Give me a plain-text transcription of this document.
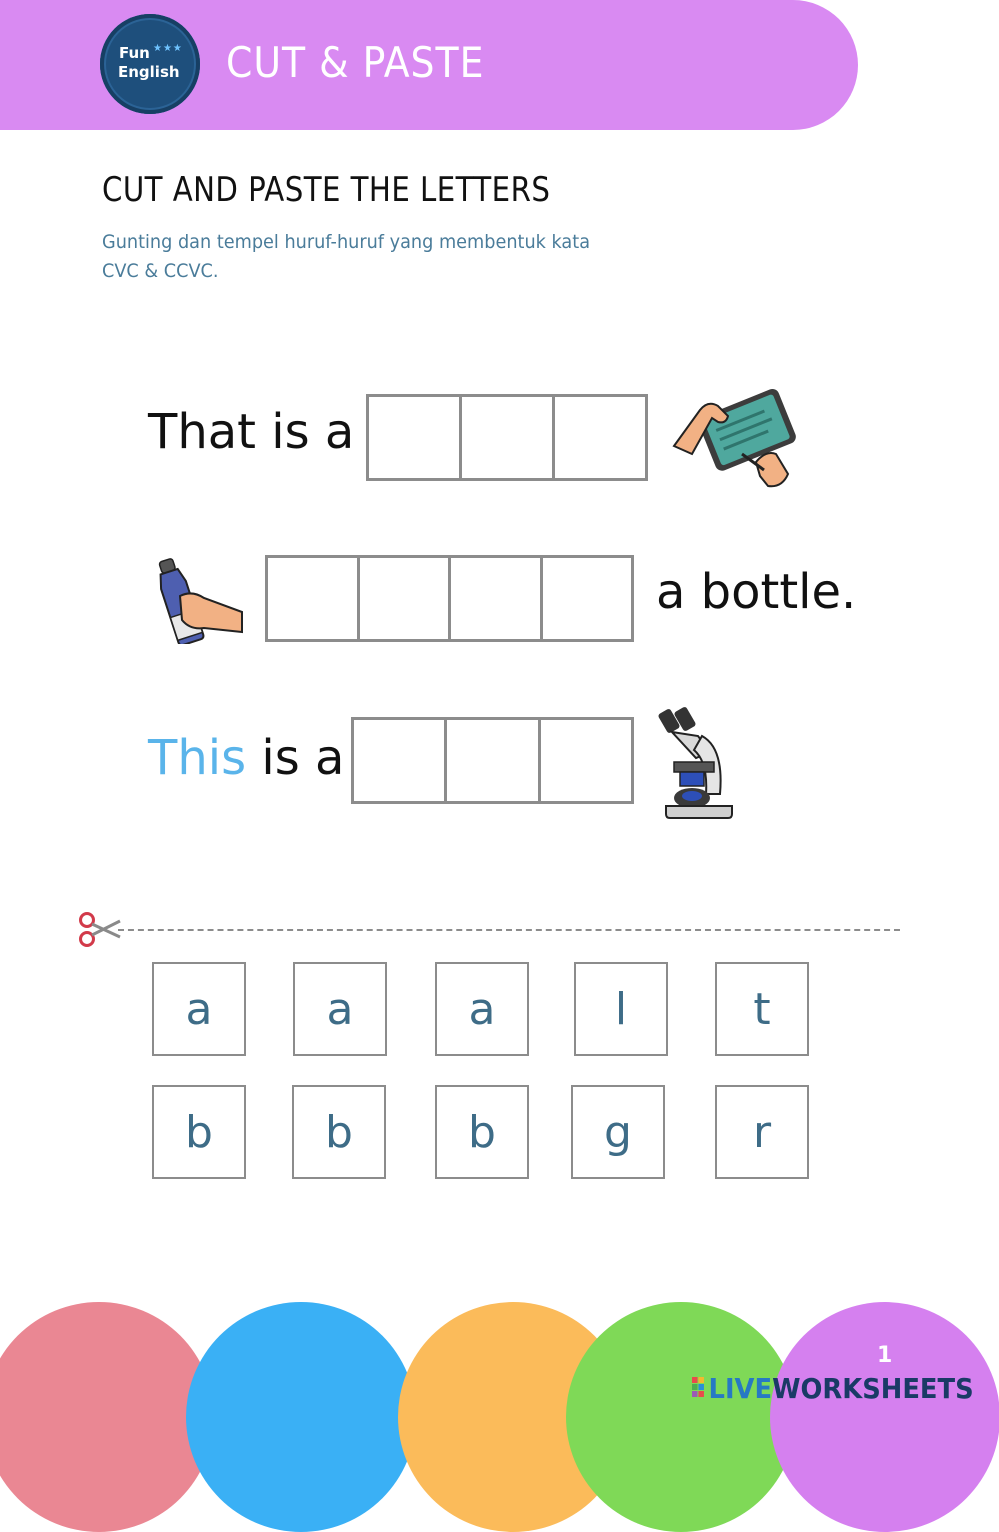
Fun ★★★
English CUT & PASTE
CUT AND PASTE THE LETTERS
Gunting dan tempel huruf-huruf yang membentuk kata
CVC & CCVC.
That is a
a bottle.
This is a
a	a	a	l	t
b	b	b	g	r
1
LIVEWORKSHEETS
